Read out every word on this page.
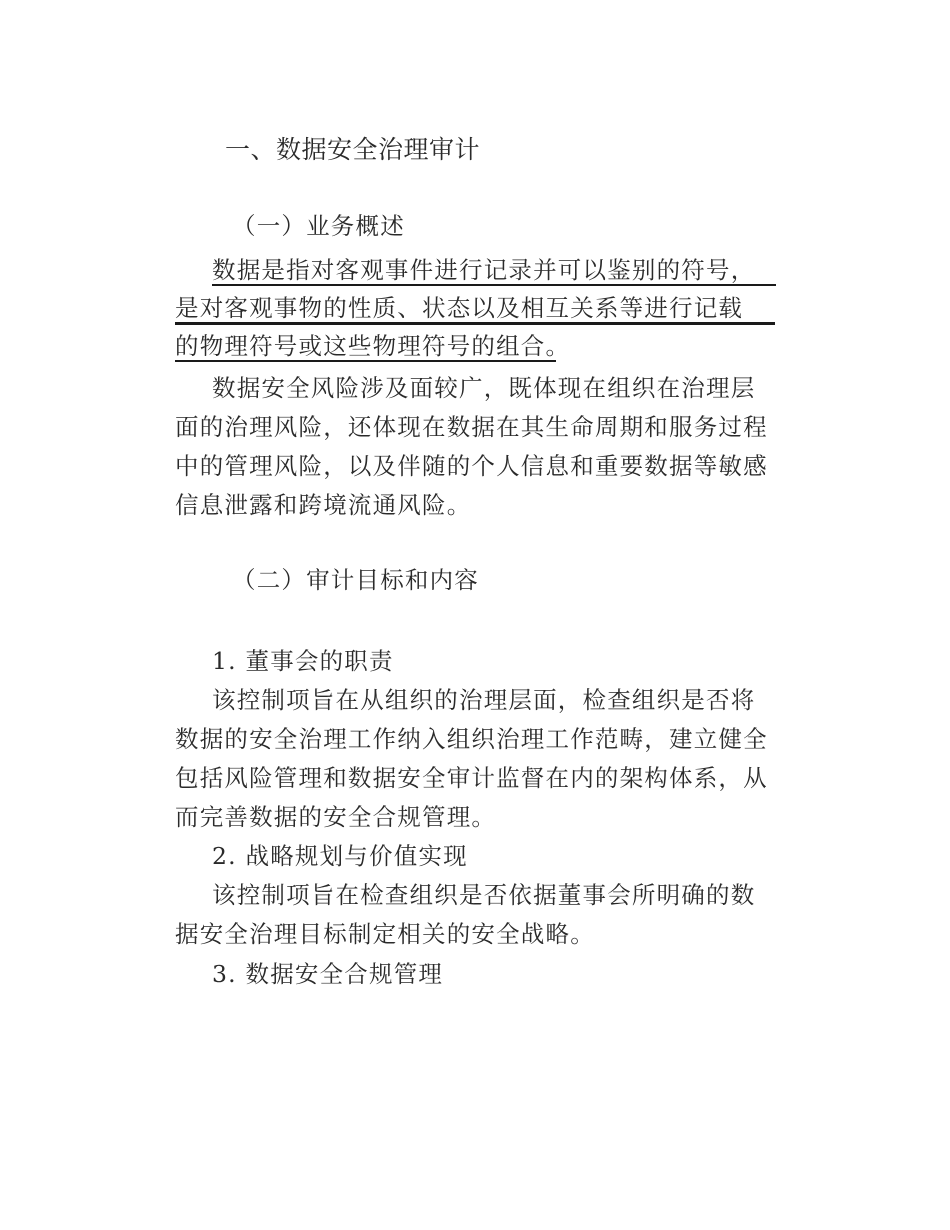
一、数据安全治理审计
（一）业务概述
数据是指对客观事件进行记录并可以鉴别的符号，
是对客观事物的性质、状态以及相互关系等进行记载
的物理符号或这些物理符号的组合。
数据安全风险涉及面较广，既体现在组织在治理层
面的治理风险，还体现在数据在其生命周期和服务过程
中的管理风险，以及伴随的个人信息和重要数据等敏感
信息泄露和跨境流通风险。
（二）审计目标和内容
1. 董事会的职责
该控制项旨在从组织的治理层面，检查组织是否将
数据的安全治理工作纳入组织治理工作范畴，建立健全
包括风险管理和数据安全审计监督在内的架构体系，从
而完善数据的安全合规管理。
2. 战略规划与价值实现
该控制项旨在检查组织是否依据董事会所明确的数
据安全治理目标制定相关的安全战略。
3. 数据安全合规管理
